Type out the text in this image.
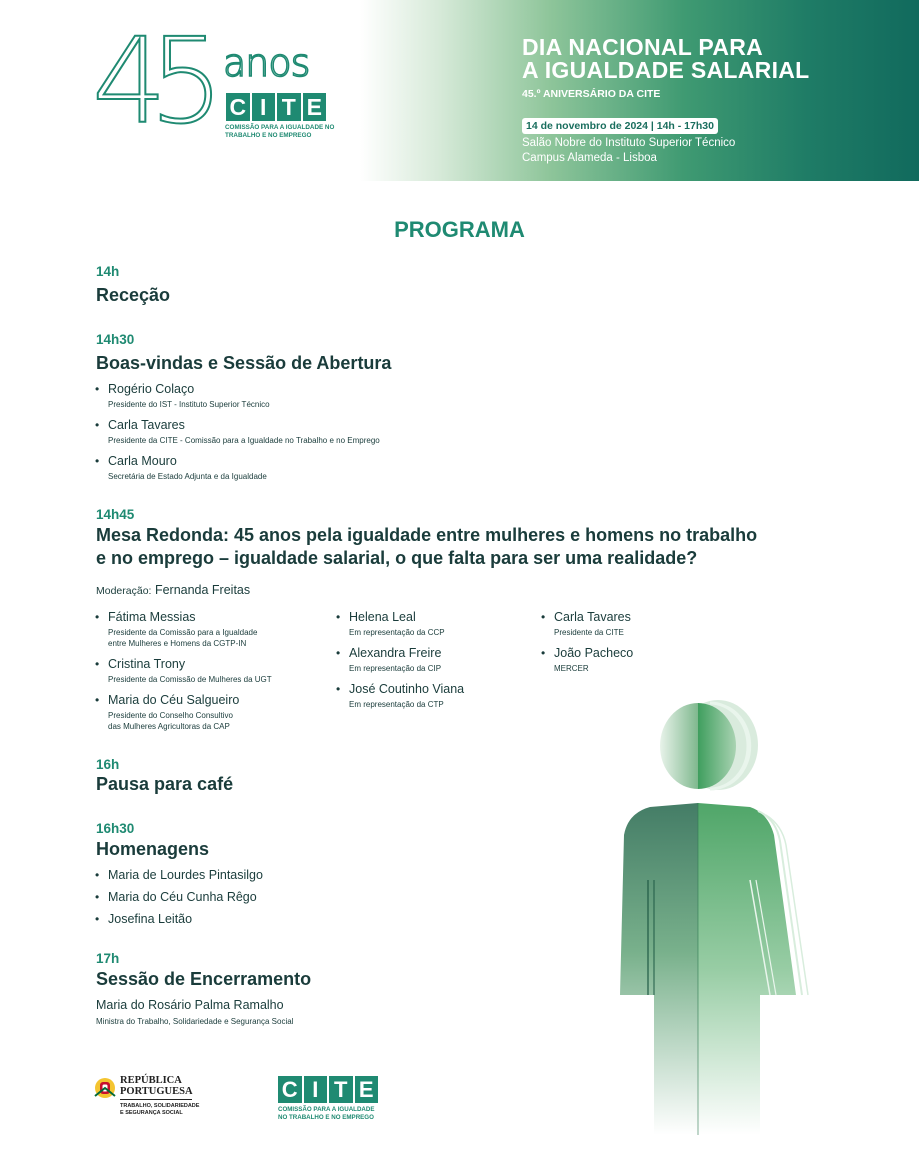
45 anos
C I T E
COMISSÃO PARA A IGUALDADE NO TRABALHO E NO EMPREGO
DIA NACIONAL PARA
A IGUALDADE SALARIAL
45.º ANIVERSÁRIO DA CITE
14 de novembro de 2024 | 14h - 17h30
Salão Nobre do Instituto Superior Técnico
Campus Alameda - Lisboa
PROGRAMA
14h
Receção
14h30
Boas-vindas e Sessão de Abertura
• Rogério Colaço
Presidente do IST - Instituto Superior Técnico
• Carla Tavares
Presidente da CITE - Comissão para a Igualdade no Trabalho e no Emprego
• Carla Mouro
Secretária de Estado Adjunta e da Igualdade
14h45
Mesa Redonda: 45 anos pela igualdade entre mulheres e homens no trabalho
e no emprego – igualdade salarial, o que falta para ser uma realidade?
Moderação: Fernanda Freitas
• Fátima Messias
Presidente da Comissão para a Igualdade
entre Mulheres e Homens da CGTP-IN
• Cristina Trony
Presidente da Comissão de Mulheres da UGT
• Maria do Céu Salgueiro
Presidente do Conselho Consultivo
das Mulheres Agricultoras da CAP
• Helena Leal
Em representação da CCP
• Alexandra Freire
Em representação da CIP
• José Coutinho Viana
Em representação da CTP
• Carla Tavares
Presidente da CITE
• João Pacheco
MERCER
16h
Pausa para café
16h30
Homenagens
• Maria de Lourdes Pintasilgo
• Maria do Céu Cunha Rêgo
• Josefina Leitão
17h
Sessão de Encerramento
Maria do Rosário Palma Ramalho
Ministra do Trabalho, Solidariedade e Segurança Social
REPÚBLICA
PORTUGUESA
TRABALHO, SOLIDARIEDADE E SEGURANÇA SOCIAL
C I T E
COMISSÃO PARA A IGUALDADE NO TRABALHO E NO EMPREGO
